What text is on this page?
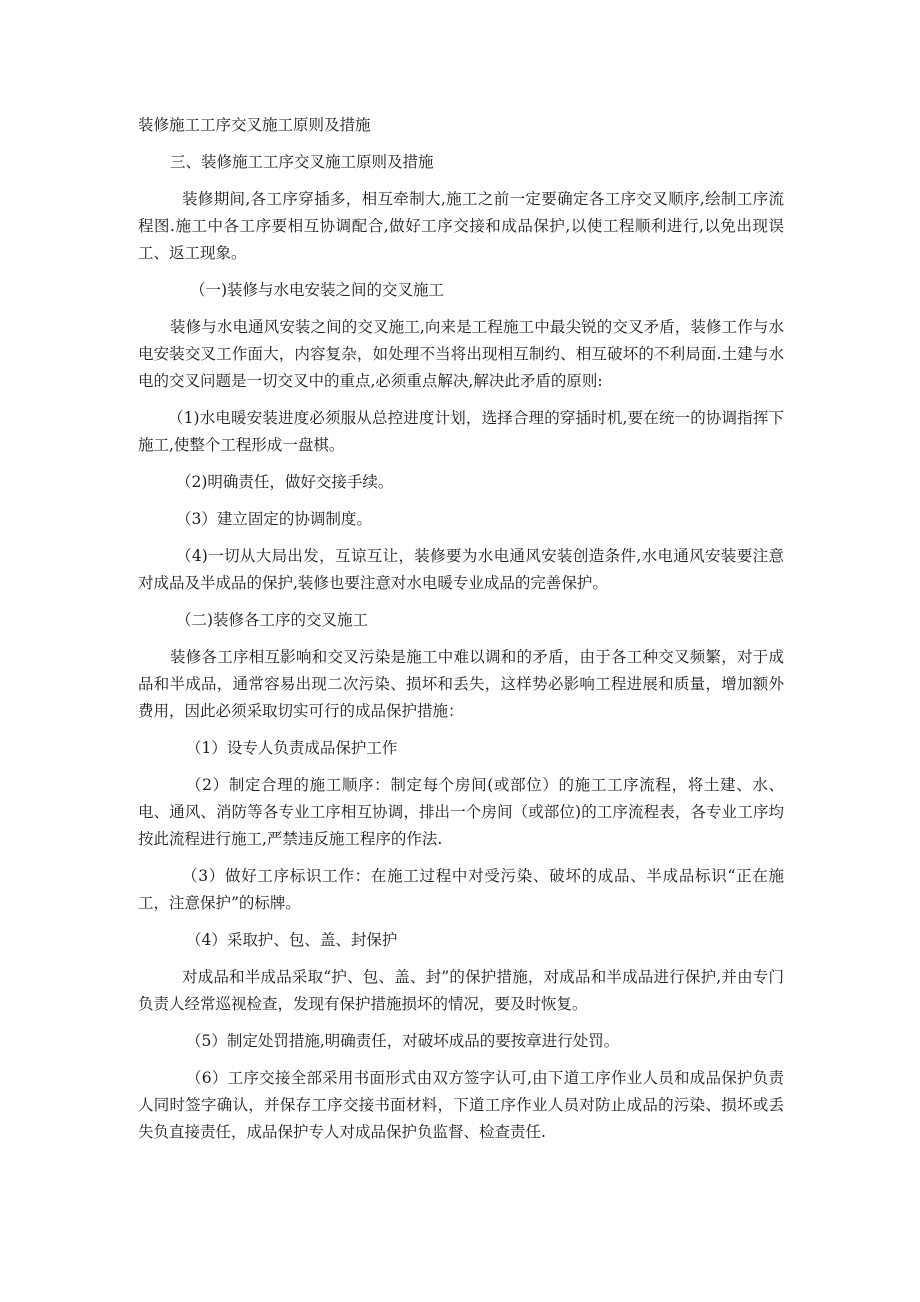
装修施工工序交叉施工原则及措施

三、装修施工工序交叉施工原则及措施

装修期间,各工序穿插多，相互牵制大,施工之前一定要确定各工序交叉顺序,绘制工序流程图.施工中各工序要相互协调配合,做好工序交接和成品保护,以使工程顺利进行,以免出现误工、返工现象。

（一)装修与水电安装之间的交叉施工

装修与水电通风安装之间的交叉施工,向来是工程施工中最尖锐的交叉矛盾，装修工作与水电安装交叉工作面大，内容复杂，如处理不当将出现相互制约、相互破坏的不利局面.土建与水电的交叉问题是一切交叉中的重点,必须重点解决,解决此矛盾的原则:

（1)水电暖安装进度必须服从总控进度计划，选择合理的穿插时机,要在统一的协调指挥下施工,使整个工程形成一盘棋。

（2)明确责任，做好交接手续。

（3）建立固定的协调制度。

（4)一切从大局出发，互谅互让，装修要为水电通风安装创造条件,水电通风安装要注意对成品及半成品的保护,装修也要注意对水电暖专业成品的完善保护。

（二)装修各工序的交叉施工

装修各工序相互影响和交叉污染是施工中难以调和的矛盾，由于各工种交叉频繁，对于成品和半成品，通常容易出现二次污染、损坏和丢失，这样势必影响工程进展和质量，增加额外费用，因此必须采取切实可行的成品保护措施：

（1）设专人负责成品保护工作

（2）制定合理的施工顺序：制定每个房间(或部位）的施工工序流程，将土建、水、电、通风、消防等各专业工序相互协调，排出一个房间（或部位)的工序流程表，各专业工序均按此流程进行施工,严禁违反施工程序的作法.

（3）做好工序标识工作：在施工过程中对受污染、破坏的成品、半成品标识“正在施工，注意保护”的标牌。

（4）采取护、包、盖、封保护

对成品和半成品采取“护、包、盖、封”的保护措施，对成品和半成品进行保护,并由专门负责人经常巡视检查，发现有保护措施损坏的情况，要及时恢复。

（5）制定处罚措施,明确责任，对破坏成品的要按章进行处罚。

（6）工序交接全部采用书面形式由双方签字认可,由下道工序作业人员和成品保护负责人同时签字确认，并保存工序交接书面材料，下道工序作业人员对防止成品的污染、损坏或丢失负直接责任，成品保护专人对成品保护负监督、检查责任.
